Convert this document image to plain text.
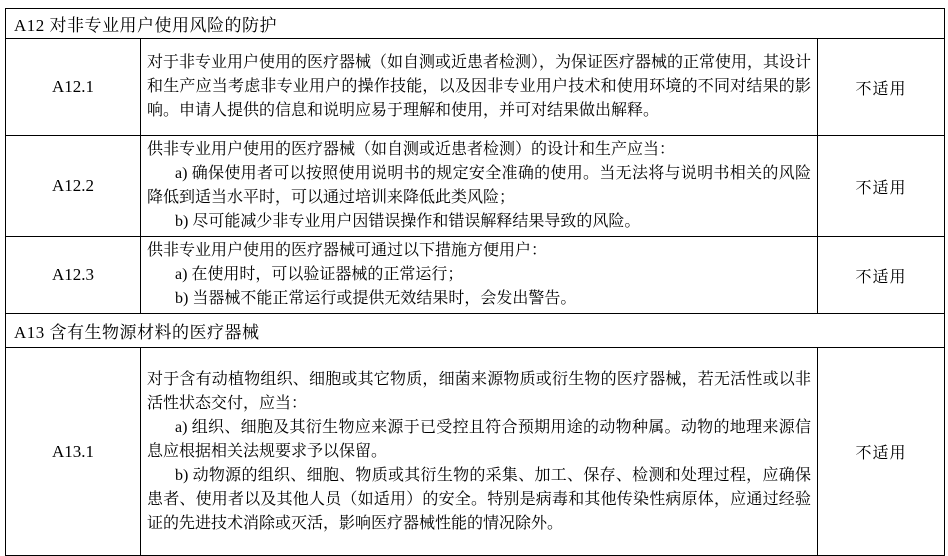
A12 对非专业用户使用风险的防护		
A12.1	对于非专业用户使用的医疗器械（如自测或近患者检测），为保证医疗器械的正常使用，其设计和生产应当考虑非专业用户的操作技能，以及因非专业用户技术和使用环境的不同对结果的影响。申请人提供的信息和说明应易于理解和使用，并可对结果做出解释。	不适用
A12.2	供非专业用户使用的医疗器械（如自测或近患者检测）的设计和生产应当：

a) 确保使用者可以按照使用说明书的规定安全准确的使用。当无法将与说明书相关的风险降低到适当水平时，可以通过培训来降低此类风险；

b) 尽可能减少非专业用户因错误操作和错误解释结果导致的风险。	不适用
A12.3	供非专业用户使用的医疗器械可通过以下措施方便用户：

a) 在使用时，可以验证器械的正常运行；

b) 当器械不能正常运行或提供无效结果时，会发出警告。	不适用
A13 含有生物源材料的医疗器械		
A13.1	对于含有动植物组织、细胞或其它物质，细菌来源物质或衍生物的医疗器械，若无活性或以非活性状态交付，应当：

a) 组织、细胞及其衍生物应来源于已受控且符合预期用途的动物种属。动物的地理来源信息应根据相关法规要求予以保留。

b) 动物源的组织、细胞、物质或其衍生物的采集、加工、保存、检测和处理过程，应确保患者、使用者以及其他人员（如适用）的安全。特别是病毒和其他传染性病原体，应通过经验证的先进技术消除或灭活，影响医疗器械性能的情况除外。	不适用
